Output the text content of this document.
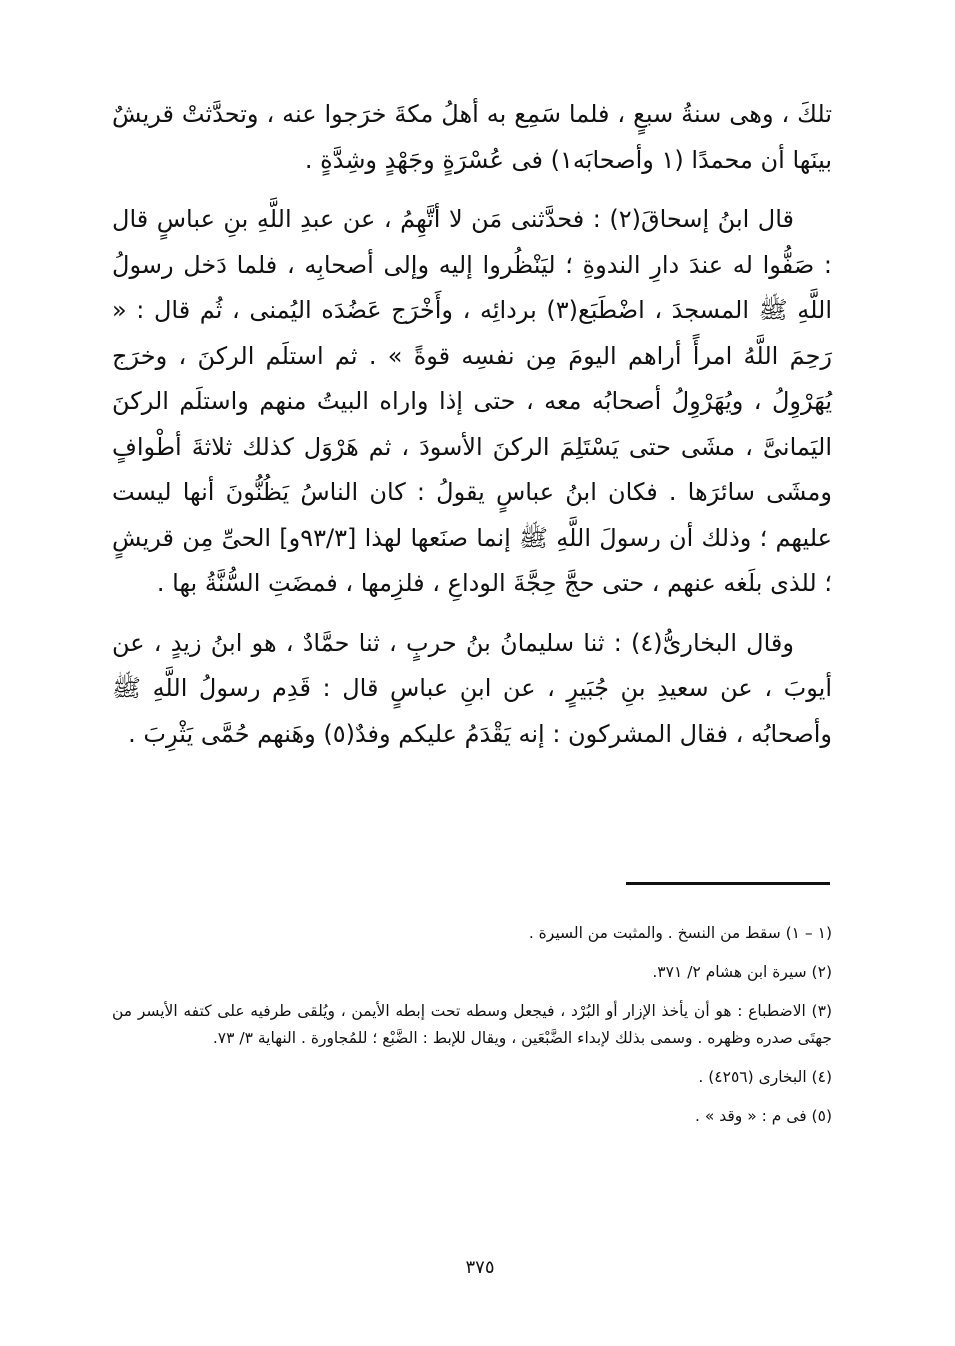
تلكَ ، وهى سنةُ سبعٍ ، فلما سَمِع به أهلُ مكةَ خرَجوا عنه ، وتحدَّثتْ قريشٌ بينَها أن محمدًا (١ وأصحابَه١) فى عُسْرَةٍ وجَهْدٍ وشِدَّةٍ .

قال ابنُ إسحاقَ(٢) : فحدَّثنى مَن لا أتَّهِمُ ، عن عبدِ اللَّهِ بنِ عباسٍ قال : صَفُّوا له عندَ دارِ الندوةِ ؛ ليَنْظُروا إليه وإلى أصحابِه ، فلما دَخل رسولُ اللَّهِ ﷺ المسجدَ ، اضْطَبَع(٣) بردائِه ، وأَخْرَج عَضُدَه اليُمنى ، ثُم قال : « رَحِمَ اللَّهُ امرأً أراهم اليومَ مِن نفسِه قوةً » . ثم استلَم الركنَ ، وخرَج يُهَرْوِلُ ، ويُهَرْوِلُ أصحابُه معه ، حتى إذا واراه البيتُ منهم واستلَم الركنَ اليَمانىَّ ، مشَى حتى يَسْتَلِمَ الركنَ الأسودَ ، ثم هَرْوَل كذلك ثلاثةَ أطْوافٍ ومشَى سائرَها . فكان ابنُ عباسٍ يقولُ : كان الناسُ يَظُنُّونَ أنها ليست عليهم ؛ وذلك أن رسولَ اللَّهِ ﷺ إنما صنَعها لهذا [٩٣/٣و] الحىِّ مِن قريشٍ ؛ للذى بلَغه عنهم ، حتى حجَّ حِجَّةَ الوداعِ ، فلزِمها ، فمضَتِ السُّنَّةُ بها .

وقال البخارىُّ(٤) : ثنا سليمانُ بنُ حربٍ ، ثنا حمَّادٌ ، هو ابنُ زيدٍ ، عن أيوبَ ، عن سعيدِ بنِ جُبَيرٍ ، عن ابنِ عباسٍ قال : قَدِم رسولُ اللَّهِ ﷺ وأصحابُه ، فقال المشركون : إنه يَقْدَمُ عليكم وفدٌ(٥) وهَنهم حُمَّى يَثْرِبَ .

(١ – ١) سقط من النسخ . والمثبت من السيرة .

(٢) سيرة ابن هشام ٢/ ٣٧١.

(٣) الاضطباع : هو أن يأخذ الإزار أو البُرْد ، فيجعل وسطه تحت إبطه الأيمن ، ويُلقى طرفيه على كتفه الأيسر من جهتَى صدره وظهره . وسمى بذلك لإبداء الضَّبْعَين ، ويقال للإبط : الضَّبْع ؛ للمُجاورة . النهاية ٣/ ٧٣.

(٤) البخارى (٤٢٥٦) .

(٥) فى م : « وقد » .

٣٧٥
